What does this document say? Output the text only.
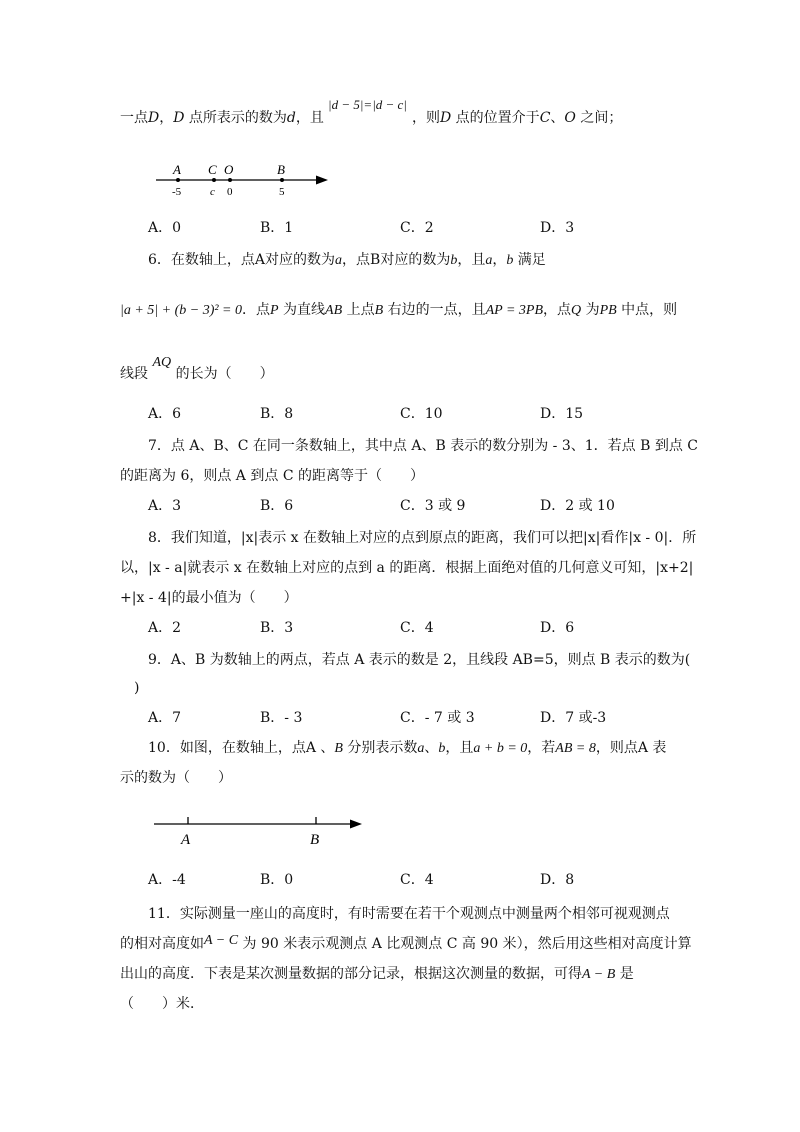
一点D，D 点所表示的数为d，且
|d − 5|=|d − c|
，则D 点的位置介于C、O 之间；
A C O	B
-5	c 0	5
A．0	B．1	C．2	D．3
6．在数轴上，点A对应的数为a，点B对应的数为b，且a，b 满足
|a + 5| + (b − 3)² = 0．点P 为直线AB 上点B 右边的一点，且AP = 3PB，点Q 为PB 中点，则
线段 AQ 的长为（　　）
A．6	B．8	C．10	D．15
7．点 A、B、C 在同一条数轴上，其中点 A、B 表示的数分别为 - 3、1．若点 B 到点 C
的距离为 6，则点 A 到点 C 的距离等于（　　）
A．3	B．6	C．3 或 9	D．2 或 10
8．我们知道，|x|表示 x 在数轴上对应的点到原点的距离，我们可以把|x|看作|x - 0|．所
以，|x - a|就表示 x 在数轴上对应的点到 a 的距离．根据上面绝对值的几何意义可知，|x+2|
+|x - 4|的最小值为（　　）
A．2	B．3	C．4	D．6
9．A、B 为数轴上的两点，若点 A 表示的数是 2，且线段 AB=5，则点 B 表示的数为(
)
A．7	B．- 3	C．- 7 或 3	D．7 或-3
10．如图，在数轴上，点A 、B 分别表示数a、b，且a + b = 0，若AB = 8，则点A 表
示的数为（　　）
A	B
A．-4	B．0	C．4	D．8
11．实际测量一座山的高度时，有时需要在若干个观测点中测量两个相邻可视观测点
的相对高度如A − C 为 90 米表示观测点 A 比观测点 C 高 90 米），然后用这些相对高度计算
出山的高度．下表是某次测量数据的部分记录，根据这次测量的数据，可得A − B 是
（　　）米．
